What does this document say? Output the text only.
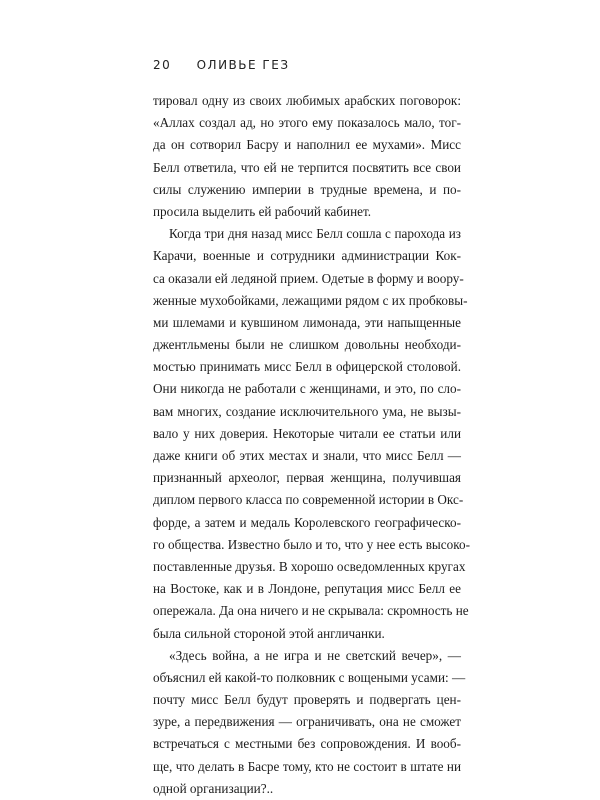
20 ОЛИВЬЕ ГЕЗ
тировал одну из своих любимых арабских поговорок:
«Аллах создал ад, но этого ему показалось мало, тог-
да он сотворил Басру и наполнил ее мухами». Мисс
Белл ответила, что ей не терпится посвятить все свои
силы служению империи в трудные времена, и по-
просила выделить ей рабочий кабинет.
Когда три дня назад мисс Белл сошла с парохода из
Карачи, военные и сотрудники администрации Кок-
са оказали ей ледяной прием. Одетые в форму и воору-
женные мухобойками, лежащими рядом с их пробковы-
ми шлемами и кувшином лимонада, эти напыщенные
джентльмены были не слишком довольны необходи-
мостью принимать мисс Белл в офицерской столовой.
Они никогда не работали с женщинами, и это, по сло-
вам многих, создание исключительного ума, не вызы-
вало у них доверия. Некоторые читали ее статьи или
даже книги об этих местах и знали, что мисс Белл —
признанный археолог, первая женщина, получившая
диплом первого класса по современной истории в Окс-
форде, а затем и медаль Королевского географическо-
го общества. Известно было и то, что у нее есть высоко-
поставленные друзья. В хорошо осведомленных кругах
на Востоке, как и в Лондоне, репутация мисс Белл ее
опережала. Да она ничего и не скрывала: скромность не
была сильной стороной этой англичанки.
«Здесь война, а не игра и не светский вечер», —
объяснил ей какой-то полковник с вощеными усами: —
почту мисс Белл будут проверять и подвергать цен-
зуре, а передвижения — ограничивать, она не сможет
встречаться с местными без сопровождения. И вооб-
ще, что делать в Басре тому, кто не состоит в штате ни
одной организации?..
